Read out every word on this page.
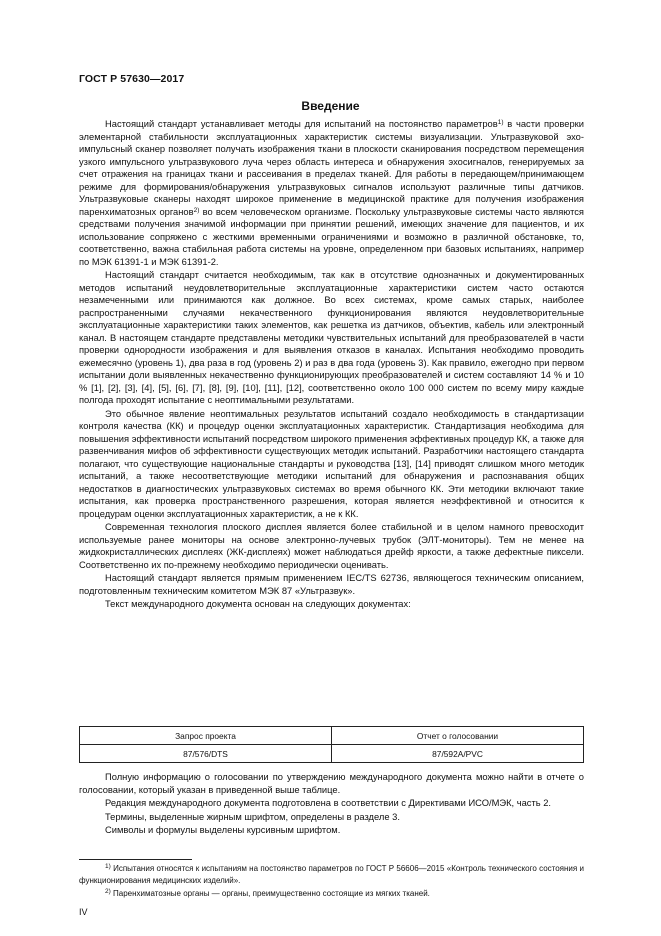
ГОСТ Р 57630—2017
Введение

Настоящий стандарт устанавливает методы для испытаний на постоянство параметров$^{1)}$ в части проверки элементарной стабильности эксплуатационных характеристик системы визуализации. Ультразвуковой эхо-импульсный сканер позволяет получать изображения ткани в плоскости сканирования посредством перемещения узкого импульсного ультразвукового луча через область интереса и обнаружения эхосигналов, генерируемых за счет отражения на границах ткани и рассеивания в пределах тканей. Для работы в передающем/принимающем режиме для формирования/обнаружения ультразвуковых сигналов используют различные типы датчиков. Ультразвуковые сканеры находят широкое применение в медицинской практике для получения изображения паренхиматозных органов$^{2)}$ во всем человеческом организме. Поскольку ультразвуковые системы часто являются средствами получения значимой информации при принятии решений, имеющих значение для пациентов, и их использование сопряжено с жесткими временными ограничениями и возможно в различной обстановке, то, соответственно, важна стабильная работа системы на уровне, определенном при базовых испытаниях, например по МЭК 61391-1 и МЭК 61391-2.

Настоящий стандарт считается необходимым, так как в отсутствие однозначных и документированных методов испытаний неудовлетворительные эксплуатационные характеристики систем часто остаются незамеченными или принимаются как должное. Во всех системах, кроме самых старых, наиболее распространенными случаями некачественного функционирования являются неудовлетворительные эксплуатационные характеристики таких элементов, как решетка из датчиков, объектив, кабель или электронный канал. В настоящем стандарте представлены методики чувствительных испытаний для преобразователей в части проверки однородности изображения и для выявления отказов в каналах. Испытания необходимо проводить ежемесячно (уровень 1), два раза в год (уровень 2) и раз в два года (уровень 3). Как правило, ежегодно при первом испытании доли выявленных некачественно функционирующих преобразователей и систем составляют 14 % и 10 % [1], [2], [3], [4], [5], [6], [7], [8], [9], [10], [11], [12], соответственно около 100 000 систем по всему миру каждые полгода проходят испытание с неоптимальными результатами.

Это обычное явление неоптимальных результатов испытаний создало необходимость в стандартизации контроля качества (КК) и процедур оценки эксплуатационных характеристик. Стандартизация необходима для повышения эффективности испытаний посредством широкого применения эффективных процедур КК, а также для развенчивания мифов об эффективности существующих методик испытаний. Разработчики настоящего стандарта полагают, что существующие национальные стандарты и руководства [13], [14] приводят слишком много методик испытаний, а также несоответствующие методики испытаний для обнаружения и распознавания общих недостатков в диагностических ультразвуковых системах во время обычного КК. Эти методики включают такие испытания, как проверка пространственного разрешения, которая является неэффективной и относится к процедурам оценки эксплуатационных характеристик, а не к КК.

Современная технология плоского дисплея является более стабильной и в целом намного превосходит используемые ранее мониторы на основе электронно-лучевых трубок (ЭЛТ-мониторы). Тем не менее на жидкокристаллических дисплеях (ЖК-дисплеях) может наблюдаться дрейф яркости, а также дефектные пиксели. Соответственно их по-прежнему необходимо периодически оценивать.

Настоящий стандарт является прямым применением IEC/TS 62736, являющегося техническим описанием, подготовленным техническим комитетом МЭК 87 «Ультразвук».

Текст международного документа основан на следующих документах:

Запрос проекта	Отчет о голосовании
87/576/DTS	87/592A/PVC

Полную информацию о голосовании по утверждению международного документа можно найти в отчете о голосовании, который указан в приведенной выше таблице.

Редакция международного документа подготовлена в соответствии с Директивами ИСО/МЭК, часть 2.

Термины, выделенные жирным шрифтом, определены в разделе 3.

Символы и формулы выделены курсивным шрифтом.

$^{1)}$ Испытания относятся к испытаниям на постоянство параметров по ГОСТ Р 56606—2015 «Контроль технического состояния и функционирования медицинских изделий».

$^{2)}$ Паренхиматозные органы — органы, преимущественно состоящие из мягких тканей.

IV
